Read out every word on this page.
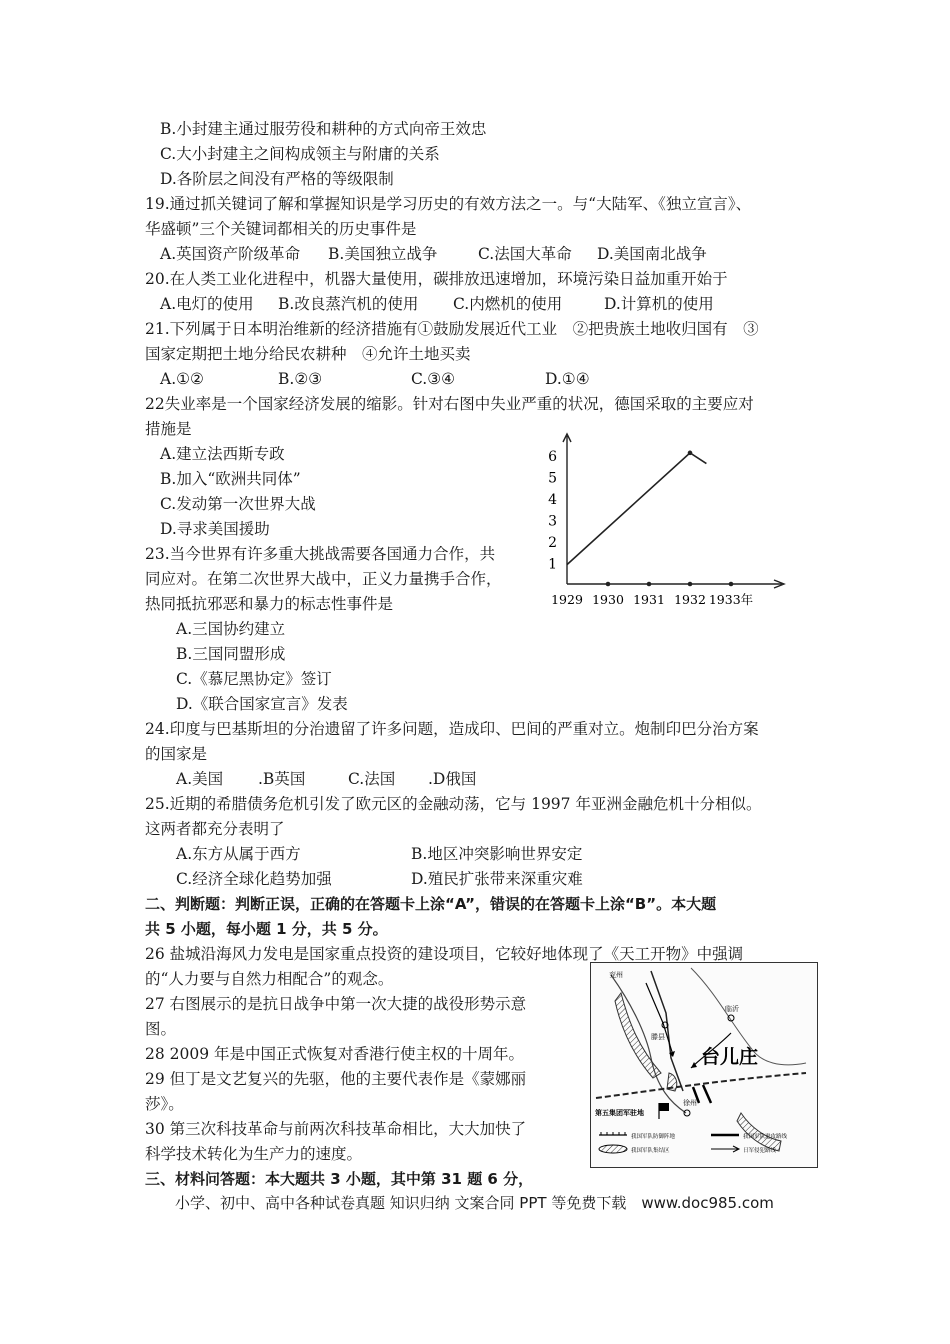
B.小封建主通过服劳役和耕种的方式向帝王效忠
C.大小封建主之间构成领主与附庸的关系
D.各阶层之间没有严格的等级限制
19.通过抓关键词了解和掌握知识是学习历史的有效方法之一。与“大陆军、《独立宣言》、
华盛顿”三个关键词都相关的历史事件是
A.英国资产阶级革命 B.美国独立战争	C.法国大革命 D.美国南北战争
20.在人类工业化进程中，机器大量使用，碳排放迅速增加，环境污染日益加重开始于
A.电灯的使用 B.改良蒸汽机的使用 C.内燃机的使用	D.计算机的使用
21.下列属于日本明治维新的经济措施有①鼓励发展近代工业　②把贵族土地收归国有　③
国家定期把土地分给民农耕种　④允许土地买卖
A.①②	B.②③	C.③④	D.①④
22失业率是一个国家经济发展的缩影。针对右图中失业严重的状况，德国采取的主要应对
措施是
A.建立法西斯专政
B.加入“欧洲共同体”
C.发动第一次世界大战
D.寻求美国援助
1
2
3
4
5
6
1929 1930 1931 1932 1933年
23.当今世界有许多重大挑战需要各国通力合作，共
同应对。在第二次世界大战中，正义力量携手合作，
热同抵抗邪恶和暴力的标志性事件是
A.三国协约建立
B.三国同盟形成
C.《慕尼黑协定》签订
D.《联合国家宣言》发表
24.印度与巴基斯坦的分治遗留了许多问题，造成印、巴间的严重对立。炮制印巴分治方案
的国家是
A.美国 .B英国	C.法国 .D俄国
25.近期的希腊债务危机引发了欧元区的金融动荡，它与 1997 年亚洲金融危机十分相似。
这两者都充分表明了
A.东方从属于西方	B.地区冲突影响世界安定
C.经济全球化趋势加强	D.殖民扩张带来深重灾难
二、判断题：判断正误，正确的在答题卡上涂“A”，错误的在答题卡上涂“B”。本大题
共 5 小题，每小题 1 分，共 5 分。
26 盐城沿海风力发电是国家重点投资的建设项目，它较好地体现了《天工开物》中强调
的“人力要与自然力相配合”的观念。
27 右图展示的是抗日战争中第一次大捷的战役形势示意
图。
28 2009 年是中国正式恢复对香港行使主权的十周年。
29 但丁是文艺复兴的先驱，他的主要代表作是《蒙娜丽
莎》。
30 第三次科技革命与前两次科技革命相比，大大加快了
科学技术转化为生产力的速度。
三、材料问答题：本大题共 3 小题，其中第 31 题 6 分，
小学、初中、高中各种试卷真题 知识归纳 文案合同 PPT 等免费下载　www.doc985.com
兖州
滕县
临沂
徐州
台儿庄
第五集团军驻地
我国军队防御阵地
我国军队集结区
我国军队进攻路线
日军侵犯路线
